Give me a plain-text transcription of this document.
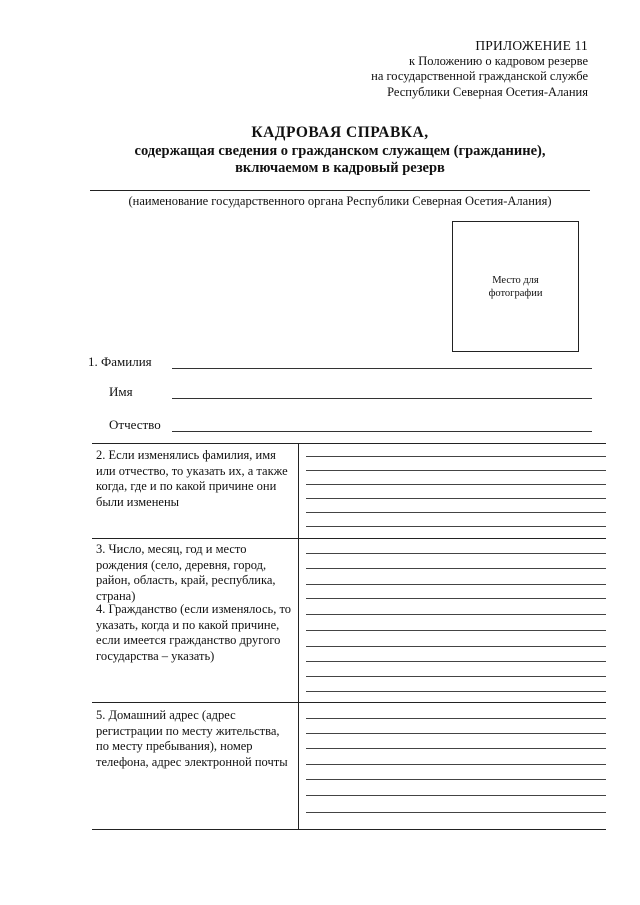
ПРИЛОЖЕНИЕ 11
к Положению о кадровом резерве
на государственной гражданской службе
Республики Северная Осетия-Алания
КАДРОВАЯ СПРАВКА,
содержащая сведения о гражданском служащем (гражданине),
включаемом в кадровый резерв
(наименование государственного органа Республики Северная Осетия-Алания)
Место для
фотографии
1. Фамилия
Имя
Отчество
2. Если изменялись фамилия, имя или отчество, то указать их, а также когда, где и по какой причине они были изменены
3. Число, месяц, год и место рождения (село, деревня, город, район, область, край, республика, страна)
4. Гражданство (если изменялось, то указать, когда и по какой причине, если имеется гражданство другого государства – указать)
5. Домашний адрес (адрес регистрации по месту жительства, по месту пребывания), номер телефона, адрес электронной почты
